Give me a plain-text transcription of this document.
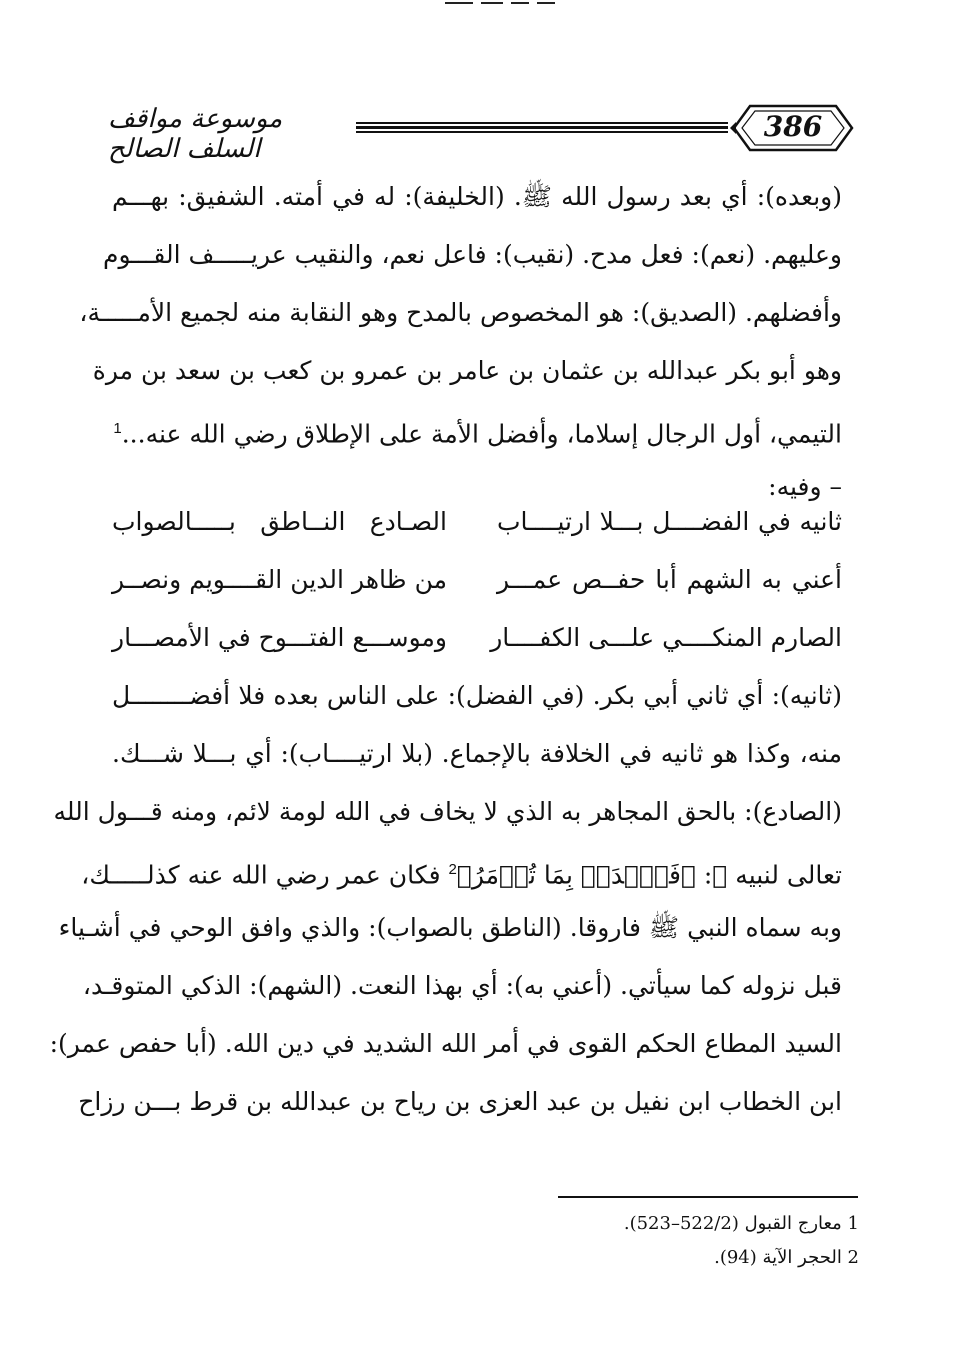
موسوعة مواقف السلف الصالح
386
(وبعده): أي بعد رسول الله ﷺ. (الخليفة): له في أمته. الشفيق: بهـــم
وعليهم. (نعم): فعل مدح. (نقيب): فاعل نعم، والنقيب عريـــــف القـــوم
وأفضلهم. (الصديق): هو المخصوص بالمدح وهو النقابة منه لجميع الأمـــــة،
وهو أبو بكر عبدالله بن عثمان بن عامر بن عمرو بن كعب بن سعد بن مرة
التيمي، أول الرجال إسلاما، وأفضل الأمة على الإطلاق رضي الله عنه...$^1$
– وفيه:
ثانيه في الفضــــل بـــلا ارتيــــاب
الصـادع النــاطق بـــــالصواب
أعني به الشهم أبا حفــص عمـــر
من ظاهر الدين القــــويم ونصــر
الصارم المنكــــي علـــى الكفــــار
وموســـع الفتـــوح في الأمصـــار
(ثانيه): أي ثاني أبي بكر. (في الفضل): على الناس بعده فلا أفضــــــــل
منه، وكذا هو ثانيه في الخلافة بالإجماع. (بلا ارتيــــاب): أي بـــلا شـــك.
(الصادع): بالحق المجاهر به الذي لا يخاف في الله لومة لائم، ومنه قـــول الله
تعالى لنبيه ﷺ: ﴿فَٱصۡدَعۡ بِمَا تُؤۡمَرُ﴾$^2$ فكان عمر رضي الله عنه كذلـــــك،
وبه سماه النبي ﷺ فاروقا. (الناطق بالصواب): والذي وافق الوحي في أشـياء
قبل نزوله كما سيأتي. (أعني به): أي بهذا النعت. (الشهم): الذكي المتوقـد،
السيد المطاع الحكم القوى في أمر الله الشديد في دين الله. (أبا حفص عمر):
ابن الخطاب ابن نفيل بن عبد العزى بن رياح بن عبدالله بن قرط بـــن رزاح
1 معارج القبول (522/2–523).
2 الحجر الآية (94).
